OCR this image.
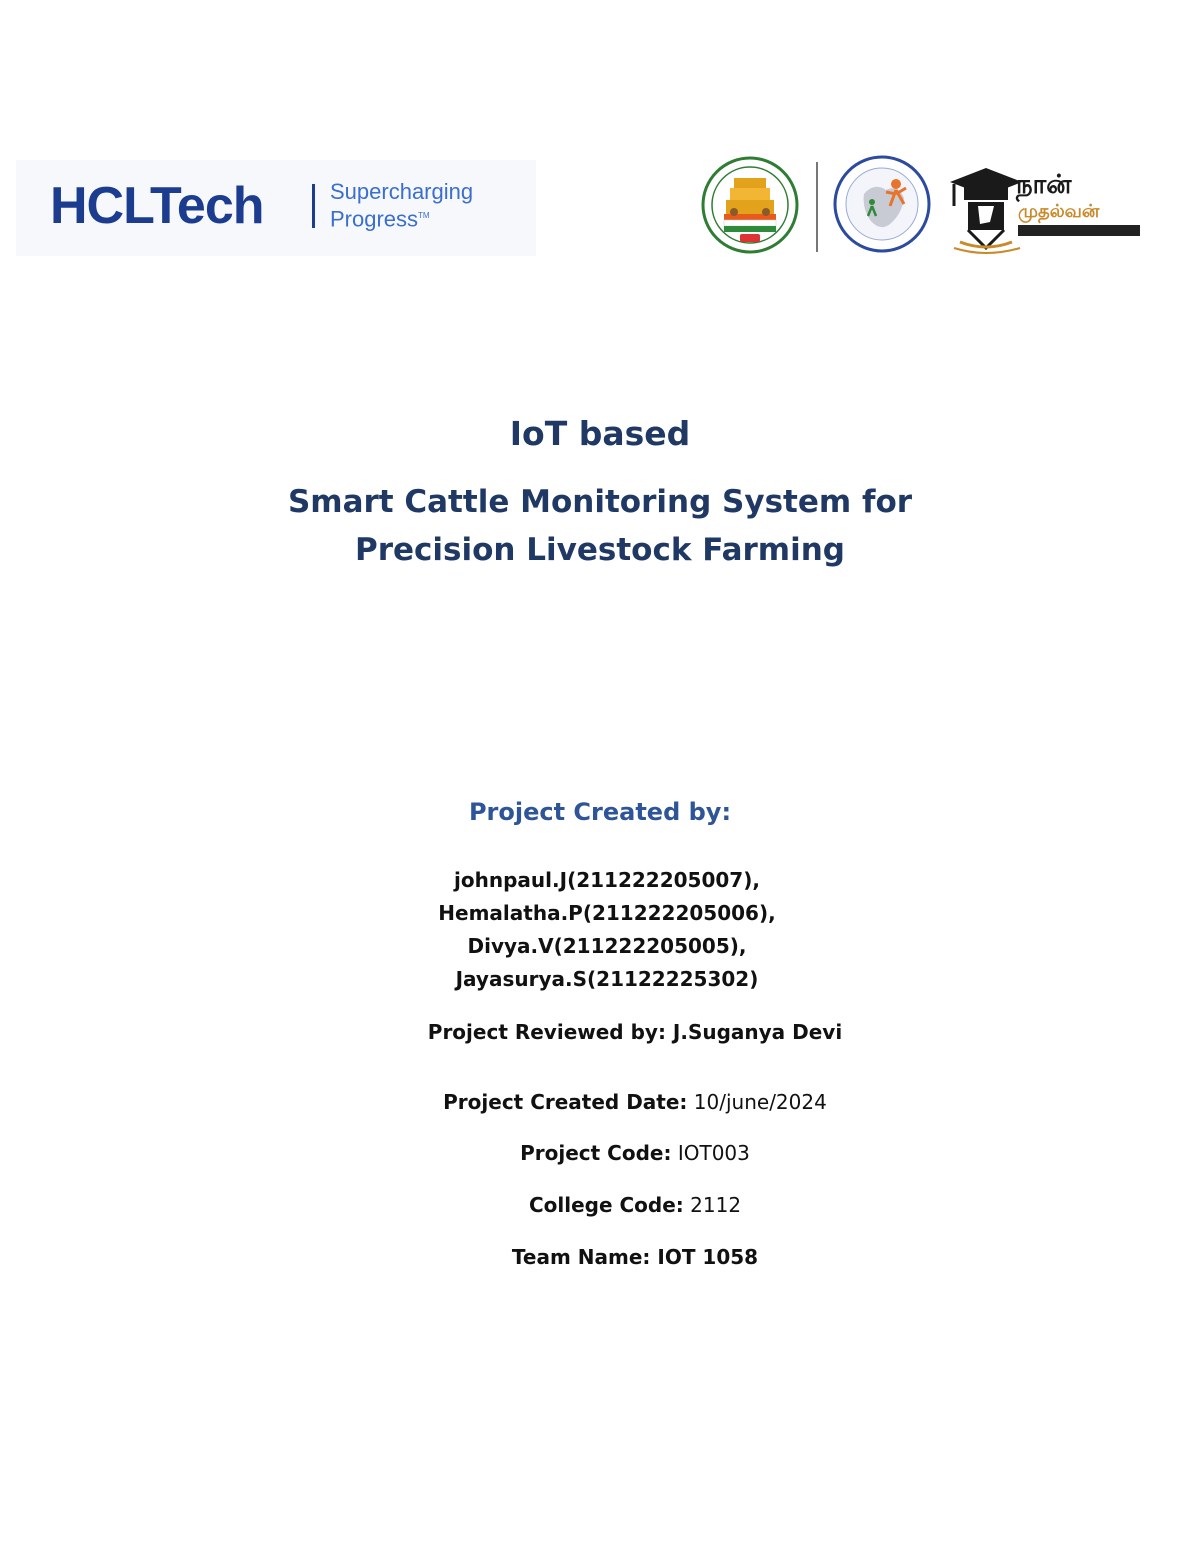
HCLTech	Supercharging
Progress™
நான்
முதல்வன்
IoT based
Smart Cattle Monitoring System for
Precision Livestock Farming
Project Created by:
johnpaul.J(211222205007),
Hemalatha.P(211222205006),
Divya.V(211222205005),
Jayasurya.S(21122225302)
Project Reviewed by: J.Suganya Devi
Project Created Date: 10/june/2024
Project Code: IOT003
College Code: 2112
Team Name: IOT 1058
